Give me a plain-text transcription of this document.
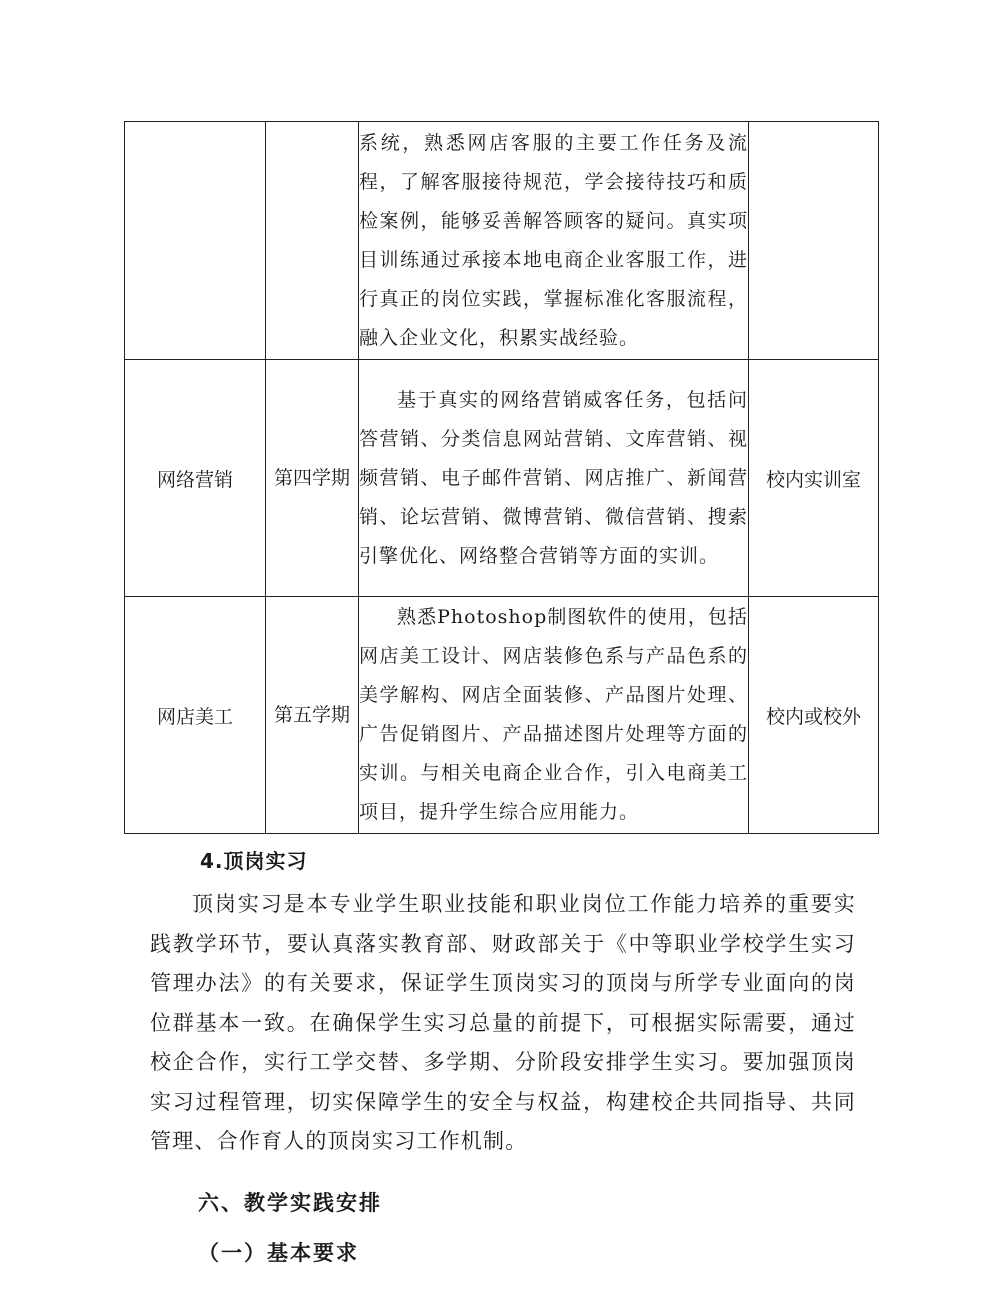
		系统，熟悉网店客服的主要工作任务及流程，了解客服接待规范，学会接待技巧和质检案例，能够妥善解答顾客的疑问。真实项目训练通过承接本地电商企业客服工作，进行真正的岗位实践，掌握标准化客服流程，融入企业文化，积累实战经验。	

网络营销	第四学期	基于真实的网络营销威客任务，包括问答营销、分类信息网站营销、文库营销、视频营销、电子邮件营销、网店推广、新闻营销、论坛营销、微博营销、微信营销、搜索引擎优化、网络整合营销等方面的实训。	校内实训室
网店美工	第五学期	熟悉Photoshop制图软件的使用，包括网店美工设计、网店装修色系与产品色系的美学解构、网店全面装修、产品图片处理、广告促销图片、产品描述图片处理等方面的实训。与相关电商企业合作，引入电商美工项目，提升学生综合应用能力。	校内或校外
4.顶岗实习

顶岗实习是本专业学生职业技能和职业岗位工作能力培养的重要实践教学环节，要认真落实教育部、财政部关于《中等职业学校学生实习管理办法》的有关要求，保证学生顶岗实习的顶岗与所学专业面向的岗位群基本一致。在确保学生实习总量的前提下，可根据实际需要，通过校企合作，实行工学交替、多学期、分阶段安排学生实习。要加强顶岗实习过程管理，切实保障学生的安全与权益，构建校企共同指导、共同管理、合作育人的顶岗实习工作机制。

六、教学实践安排
（一）基本要求
